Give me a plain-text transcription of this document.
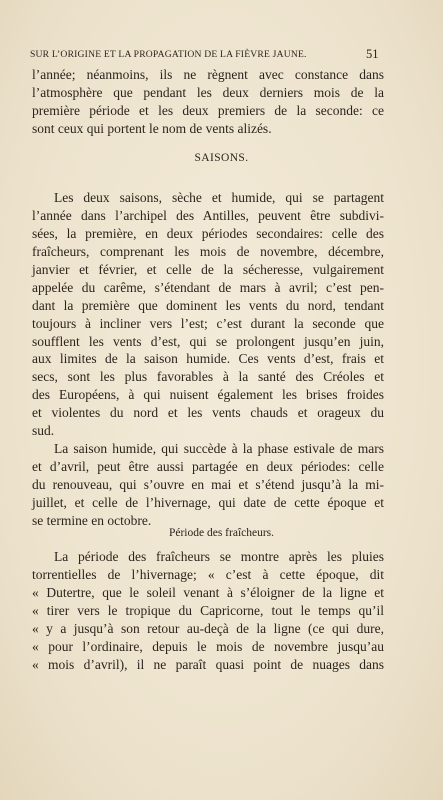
SUR L’ORIGINE ET LA PROPAGATION DE LA FIÈVRE JAUNE.	51
l’année; néanmoins, ils ne règnent avec constance dans
l’atmosphère que pendant les deux derniers mois de la
première période et les deux premiers de la seconde: ce
sont ceux qui portent le nom de vents alizés.
SAISONS.
Les deux saisons, sèche et humide, qui se partagent
l’année dans l’archipel des Antilles, peuvent être subdivi-
sées, la première, en deux périodes secondaires: celle des
fraîcheurs, comprenant les mois de novembre, décembre,
janvier et février, et celle de la sécheresse, vulgairement
appelée du carême, s’étendant de mars à avril; c’est pen-
dant la première que dominent les vents du nord, tendant
toujours à incliner vers l’est; c’est durant la seconde que
soufflent les vents d’est, qui se prolongent jusqu’en juin,
aux limites de la saison humide. Ces vents d’est, frais et
secs, sont les plus favorables à la santé des Créoles et
des Européens, à qui nuisent également les brises froides
et violentes du nord et les vents chauds et orageux du
sud.
La saison humide, qui succède à la phase estivale de mars
et d’avril, peut être aussi partagée en deux périodes: celle
du renouveau, qui s’ouvre en mai et s’étend jusqu’à la mi-
juillet, et celle de l’hivernage, qui date de cette époque et
se termine en octobre.
Période des fraîcheurs.
La période des fraîcheurs se montre après les pluies
torrentielles de l’hivernage; « c’est à cette époque, dit
« Dutertre, que le soleil venant à s’éloigner de la ligne et
« tirer vers le tropique du Capricorne, tout le temps qu’il
« y a jusqu’à son retour au-deçà de la ligne (ce qui dure,
« pour l’ordinaire, depuis le mois de novembre jusqu’au
« mois d’avril), il ne paraît quasi point de nuages dans
